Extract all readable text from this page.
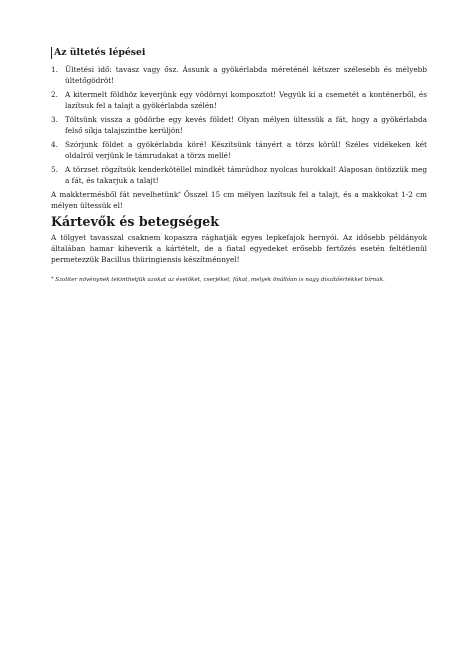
Az ültetés lépései
1. Ültetési idő: tavasz vagy ősz. Ássunk a gyökérlabda méreténél kétszer szélesebb és mélyebb ültetőgödröt!
2. A kitermelt földhöz keverjünk egy vödörnyi komposztot! Vegyük ki a csemetét a konténerből, és lazítsuk fel a talajt a gyökérlabda szélén!
3. Töltsünk vissza a gödörbe egy kevés földet! Olyan mélyen ültessük a fát, hogy a gyökérlabda felső síkja talajszintbe kerüljön!
4. Szórjunk földet a gyökérlabda köré! Készítsünk tányért a törzs körül! Széles vidékeken két oldalról verjünk le támrudakat a törzs mellé!
5. A törzset rögzítsük kenderkötéllel mindkét támrúdhoz nyolcas hurokkal! Alaposan öntözzük meg a fát, és takarjuk a talajt!

A makktermésből fát nevelhetünk* Ősszel 15 cm mélyen lazítsuk fel a talajt, és a makkokat 1-2 cm mélyen ültessük el!

Kártevők és betegségek

A tölgyet tavasszal csaknem kopaszra rághatják egyes lepkefajok hernyói. Az idősebb példányok általában hamar kiheverik a kártételt, de a fiatal egyedeket erősebb fertőzés esetén feltétlenül permetezzük Bacillus thüringiensis készítménnyel!

* Szoliter növénynek tekinthetjük azokat az évelőket, cserjéket, fákat, melyek önállóan is nagy díszítőértékkel bírnak.
